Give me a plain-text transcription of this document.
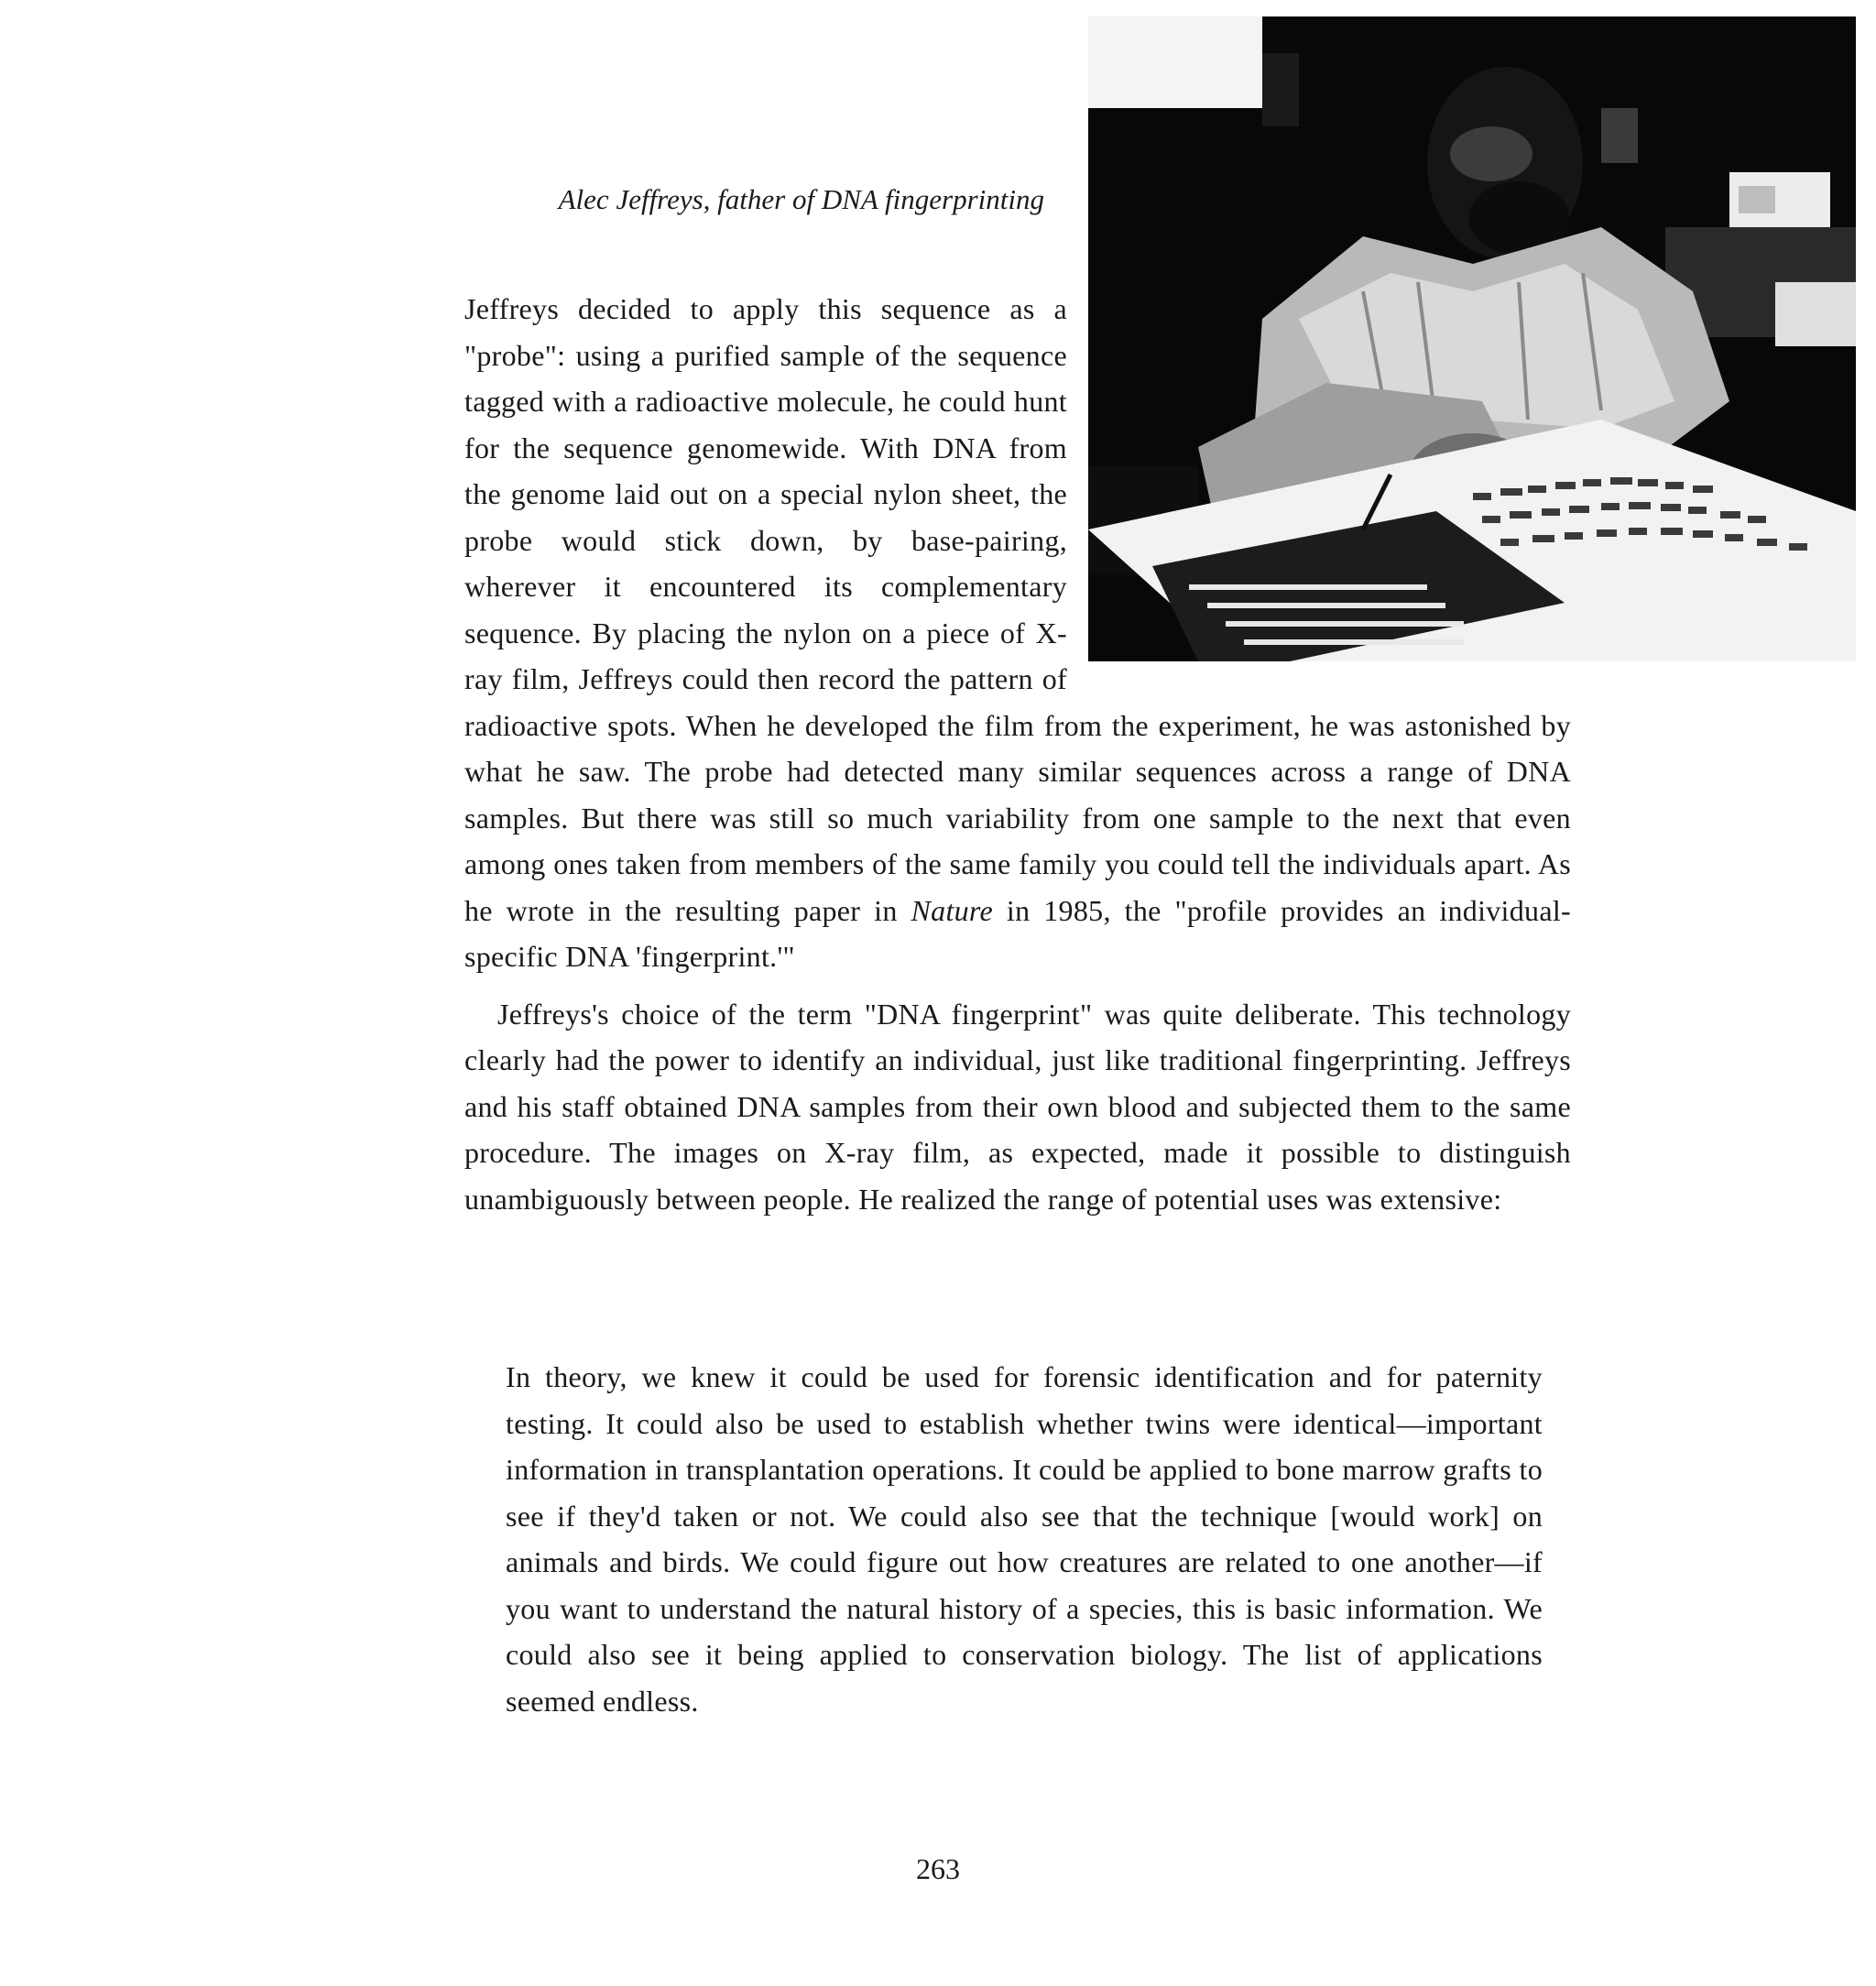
Alec Jeffreys, father of DNA fingerprinting

Jeffreys decided to apply this sequence as a "probe": using a purified sample of the sequence tagged with a radioactive molecule, he could hunt for the sequence genomewide. With DNA from the genome laid out on a special nylon sheet, the probe would stick down, by base-pairing, wherever it encountered its complementary sequence. By placing the nylon on a piece of X-ray film, Jeffreys could then record the pattern of radioactive spots. When he developed the film from the experiment, he was astonished by what he saw. The probe had detected many similar sequences across a range of DNA samples. But there was still so much variability from one sample to the next that even among ones taken from members of the same family you could tell the individuals apart. As he wrote in the resulting paper in Nature in 1985, the "profile provides an individual-specific DNA 'fingerprint.'"

Jeffreys's choice of the term "DNA fingerprint" was quite deliberate. This technology clearly had the power to identify an individual, just like traditional fingerprinting. Jeffreys and his staff obtained DNA samples from their own blood and subjected them to the same procedure. The images on X-ray film, as expected, made it possible to distinguish unambiguously between people. He realized the range of potential uses was extensive:

In theory, we knew it could be used for forensic identification and for paternity testing. It could also be used to establish whether twins were identical—important information in transplantation operations. It could be applied to bone marrow grafts to see if they'd taken or not. We could also see that the technique [would work] on animals and birds. We could figure out how creatures are related to one another—if you want to understand the natural history of a species, this is basic information. We could also see it being applied to conservation biology. The list of applications seemed endless.

263
